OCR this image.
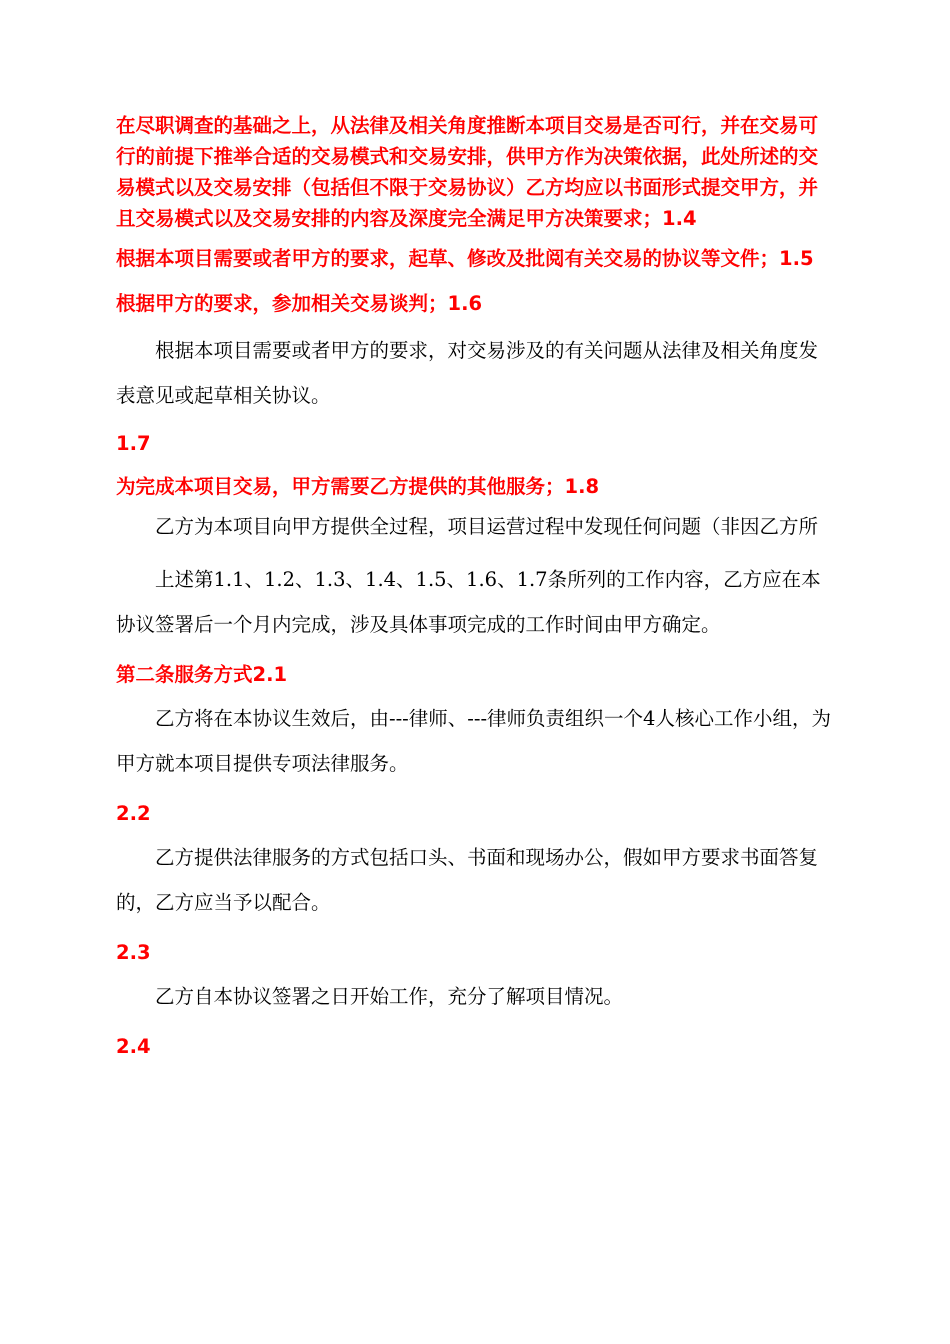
在尽职调查的基础之上，从法律及相关角度推断本项目交易是否可行，并在交易可行的前提下推举合适的交易模式和交易安排，供甲方作为决策依据，此处所述的交易模式以及交易安排（包括但不限于交易协议）乙方均应以书面形式提交甲方，并且交易模式以及交易安排的内容及深度完全满足甲方决策要求；1.4

根据本项目需要或者甲方的要求，起草、修改及批阅有关交易的协议等文件；1.5

根据甲方的要求，参加相关交易谈判；1.6

根据本项目需要或者甲方的要求，对交易涉及的有关问题从法律及相关角度发表意见或起草相关协议。

1.7

为完成本项目交易，甲方需要乙方提供的其他服务；1.8

乙方为本项目向甲方提供全过程，项目运营过程中发现任何问题（非因乙方所

上述第1.1、1.2、1.3、1.4、1.5、1.6、1.7条所列的工作内容，乙方应在本协议签署后一个月内完成，涉及具体事项完成的工作时间由甲方确定。

第二条服务方式2.1

乙方将在本协议生效后，由---律师、---律师负责组织一个4人核心工作小组，为甲方就本项目提供专项法律服务。

2.2

乙方提供法律服务的方式包括口头、书面和现场办公，假如甲方要求书面答复的，乙方应当予以配合。

2.3

乙方自本协议签署之日开始工作，充分了解项目情况。

2.4
